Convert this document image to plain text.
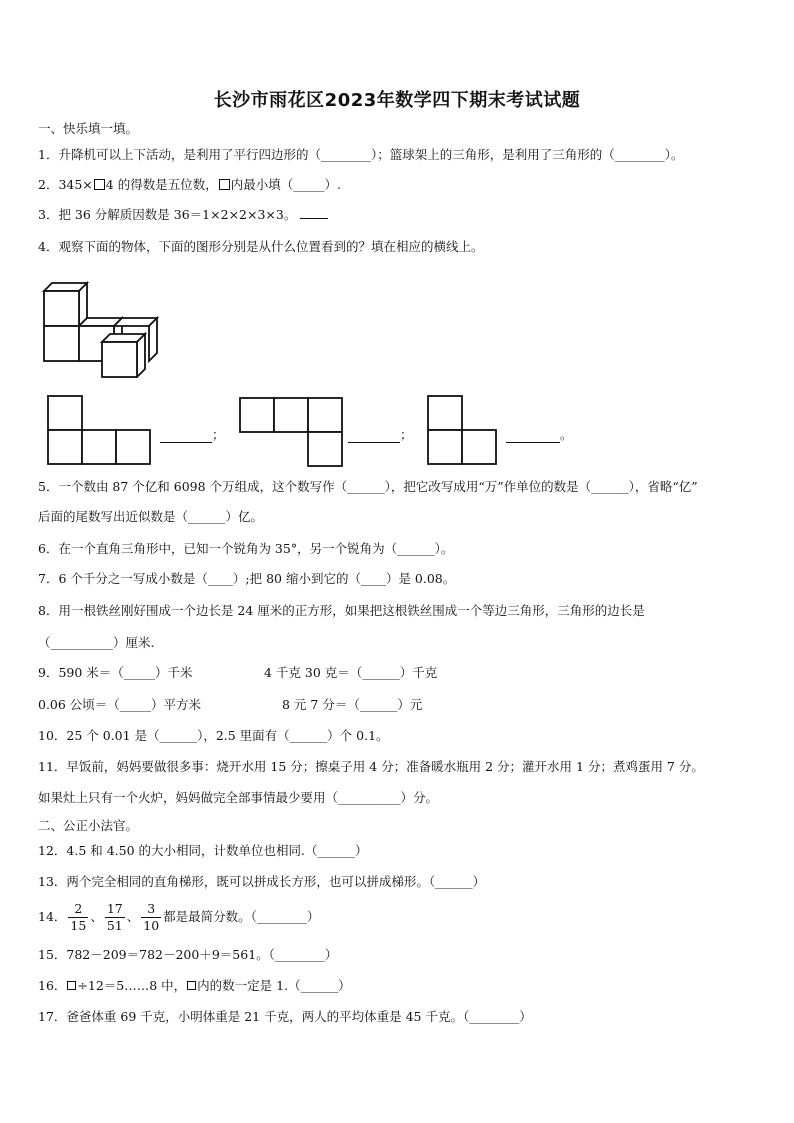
长沙市雨花区2023年数学四下期末考试试题
一、快乐填一填。
1．升降机可以上下活动，是利用了平行四边形的（________）；篮球架上的三角形，是利用了三角形的（________）。
2．345× 4 的得数是五位数， 内最小填（_____）.
3．把 36 分解质因数是 36＝1×2×2×3×3。
4．观察下面的物体，下面的图形分别是从什么位置看到的？填在相应的横线上。
；	；	。
5．一个数由 87 个亿和 6098 个万组成，这个数写作（______），把它改写成用“万”作单位的数是（______），省略“亿”
后面的尾数写出近似数是（______）亿。
6．在一个直角三角形中，已知一个锐角为 35°，另一个锐角为（______）。
7．6 个千分之一写成小数是（____）;把 80 缩小到它的（____）是 0.08。
8．用一根铁丝刚好围成一个边长是 24 厘米的正方形，如果把这根铁丝围成一个等边三角形，三角形的边长是
（__________）厘米.
9．590 米＝（_____）千米	4 千克 30 克＝（______）千克
0.06 公顷＝（_____）平方米	8 元 7 分＝（______）元
10．25 个 0.01 是（______），2.5 里面有（______）个 0.1。
11．早饭前，妈妈要做很多事：烧开水用 15 分；擦桌子用 4 分；准备暖水瓶用 2 分；灌开水用 1 分；煮鸡蛋用 7 分。
如果灶上只有一个火炉，妈妈做完全部事情最少要用（__________）分。
二、公正小法官。
12．4.5 和 4.50 的大小相同，计数单位也相同.（______）
13．两个完全相同的直角梯形，既可以拼成长方形，也可以拼成梯形。（______）
14． $\frac{2}{15}$ 、 $\frac{17}{51}$ 、 $\frac{3}{10}$ 都是最简分数。（________）
15．782－209＝782－200＋9＝561。（________）
16． ÷12＝5……8 中， 内的数一定是 1.（______）
17．爸爸体重 69 千克，小明体重是 21 千克，两人的平均体重是 45 千克。（________）
